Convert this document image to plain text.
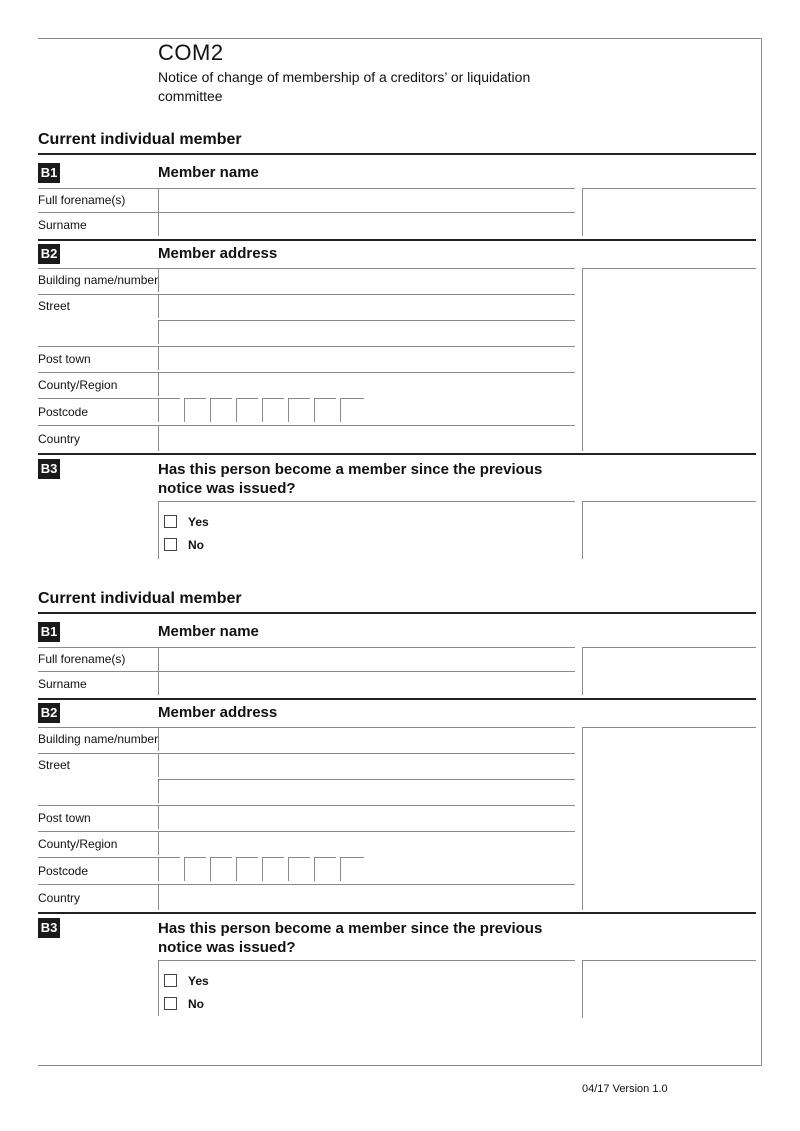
COM2
Notice of change of membership of a creditors’ or liquidation committee
Current individual member
B1	Member name
Full forename(s)
Surname
B2	Member address
Building name/number
Street
Post town
County/Region
Postcode
Country
B3	Has this person become a member since the previous notice was issued?
Yes
No
Current individual member
B1	Member name
Full forename(s)
Surname
B2	Member address
Building name/number
Street
Post town
County/Region
Postcode
Country
B3	Has this person become a member since the previous notice was issued?
Yes
No
04/17 Version 1.0
